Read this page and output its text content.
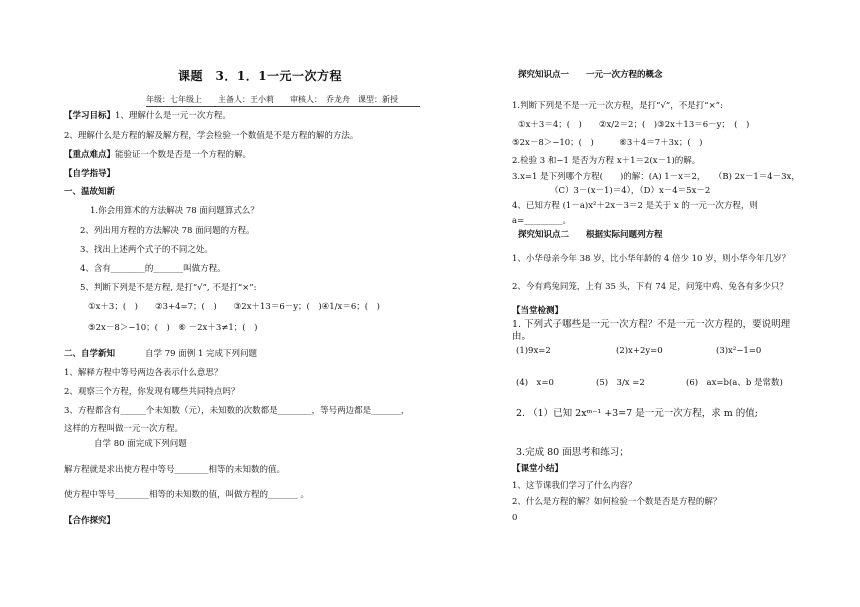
课题　3．1．1一元一次方程
年级：七年级上　　主备人：王小莉　　审核人：　乔龙舟　课型：新授
【学习目标】1、理解什么是一元一次方程。
2、理解什么是方程的解及解方程，学会检验一个数值是不是方程的解的方法。
【重点难点】能验证一个数是否是一个方程的解。
【自学指导】
一、温故知新
1.你会用算术的方法解决 78 面问题算式么？
2、列出用方程的方法解决 78 面问题的方程。
3、找出上述两个式子的不同之处。
4、含有________的_______叫做方程。
5、判断下列是不是方程, 是打“√”, 不是打“×”:
①x＋3；(　)　　②3+4=7；(　)　　③2x＋13＝6－y；(　)④1/x＝6；(　)
⑤2x－8＞−10；(　)　⑥ －2x＋3≠1；(　)
二、自学新知	自学 79 面例 1 完成下列问题
1、解释方程中等号两边各表示什么意思？
2、观察三个方程，你发现有哪些共同特点吗？
3、方程都含有______个未知数（元），未知数的次数都是________，等号两边都是_______，
这样的方程叫做一元一次方程。
自学 80 面完成下列问题
解方程就是求出使方程中等号________相等的未知数的值。
使方程中等号________相等的未知数的值，叫做方程的_______ 。
【合作探究】
探究知识点一　　一元一次方程的概念
1.判断下列是不是一元一次方程，是打“√”，不是打“×”:
①x＋3＝4；(　)　　②x/2＝2；(　)③2x＋13＝6－y；　(　)
⑤2x－8＞−10；(　)　　　⑥3＋4＝7＋3x；(　)
2.检验 3 和−1 是否为方程 x＋1＝2(x－1)的解。
3.x=1 是下列哪个方程(　　)的解：(A) 1－x＝2，　　（B) 2x－1＝4－3x，
（C）3－(x－1)＝4），（D）x－4＝5x－2
4、已知方程 (1－a)x²＋2x－3＝2 是关于 x 的一元一次方程，则
a=_________。
探究知识点二　　根据实际问题列方程
1、小华母亲今年 38 岁，比小华年龄的 4 倍少 10 岁，则小华今年几岁？
2、今有鸡兔同笼，上有 35 头，下有 74 足，问笼中鸡、兔各有多少只？
【当堂检测】
1. 下列式子哪些是一元一次方程？不是一元一次方程的，要说明理
由。
(1)9x=2	(2)x+2y=0	(3)x²−1=0
(4)　x=0	(5)　3/x =2	(6)　ax=b(a、b 是常数)
2. （1）已知 2xᵐ⁻¹ +3=7 是一元一次方程，求 m 的值;
3.完成 80 面思考和练习；
【课堂小结】
1、这节课我们学习了什么内容？
2、什么是方程的解？如何检验一个数是否是方程的解？
0
